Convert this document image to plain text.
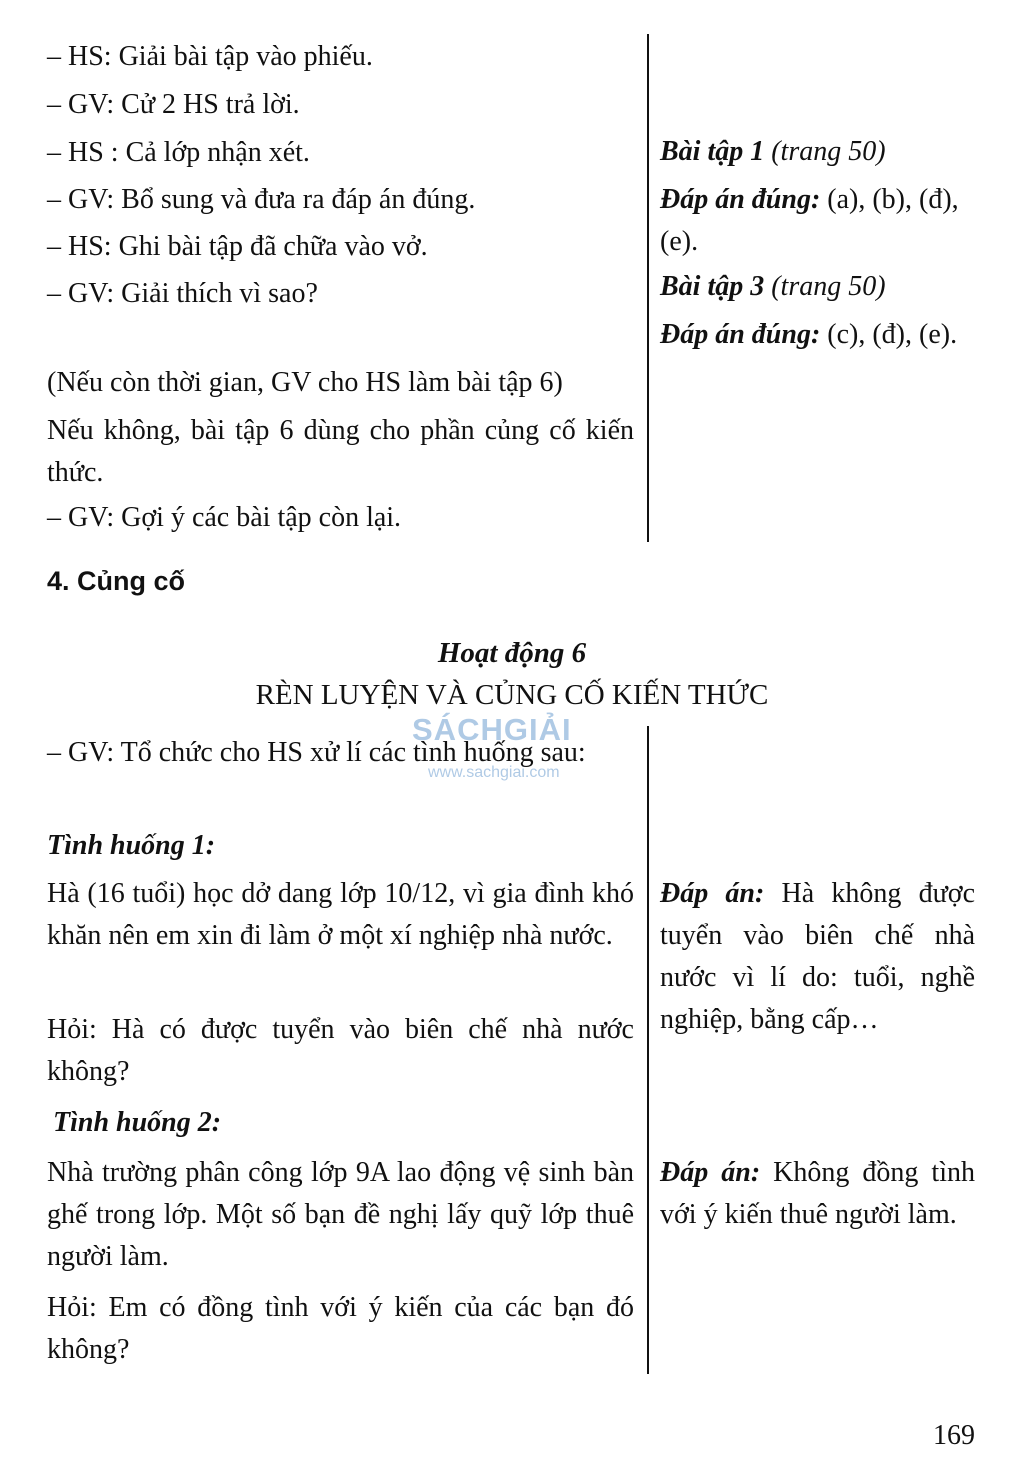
– HS: Giải bài tập vào phiếu.

– GV: Cử 2 HS trả lời.

– HS : Cả lớp nhận xét.

– GV: Bổ sung và đưa ra đáp án đúng.

– HS: Ghi bài tập đã chữa vào vở.

– GV: Giải thích vì sao?

(Nếu còn thời gian, GV cho HS làm bài tập 6)

Nếu không, bài tập 6 dùng cho phần củng cố kiến thức.

– GV: Gợi ý các bài tập còn lại.

Bài tập 1 (trang 50)

Đáp án đúng: (a), (b), (đ), (e).

Bài tập 3 (trang 50)

Đáp án đúng: (c), (đ), (e).

4. Củng cố

Hoạt động 6

RÈN LUYỆN VÀ CỦNG CỐ KIẾN THỨC

SÁCHGIẢI
www.sachgiai.com

– GV: Tổ chức cho HS xử lí các tình huống sau:

Tình huống 1:

Hà (16 tuổi) học dở dang lớp 10/12, vì gia đình khó khăn nên em xin đi làm ở một xí nghiệp nhà nước.

Hỏi: Hà có được tuyển vào biên chế nhà nước không?

Tình huống 2:

Nhà trường phân công lớp 9A lao động vệ sinh bàn ghế trong lớp. Một số bạn đề nghị lấy quỹ lớp thuê người làm.

Hỏi: Em có đồng tình với ý kiến của các bạn đó không?

Đáp án: Hà không được tuyển vào biên chế nhà nước vì lí do: tuổi, nghề nghiệp, bằng cấp…

Đáp án: Không đồng tình với ý kiến thuê người làm.

169
